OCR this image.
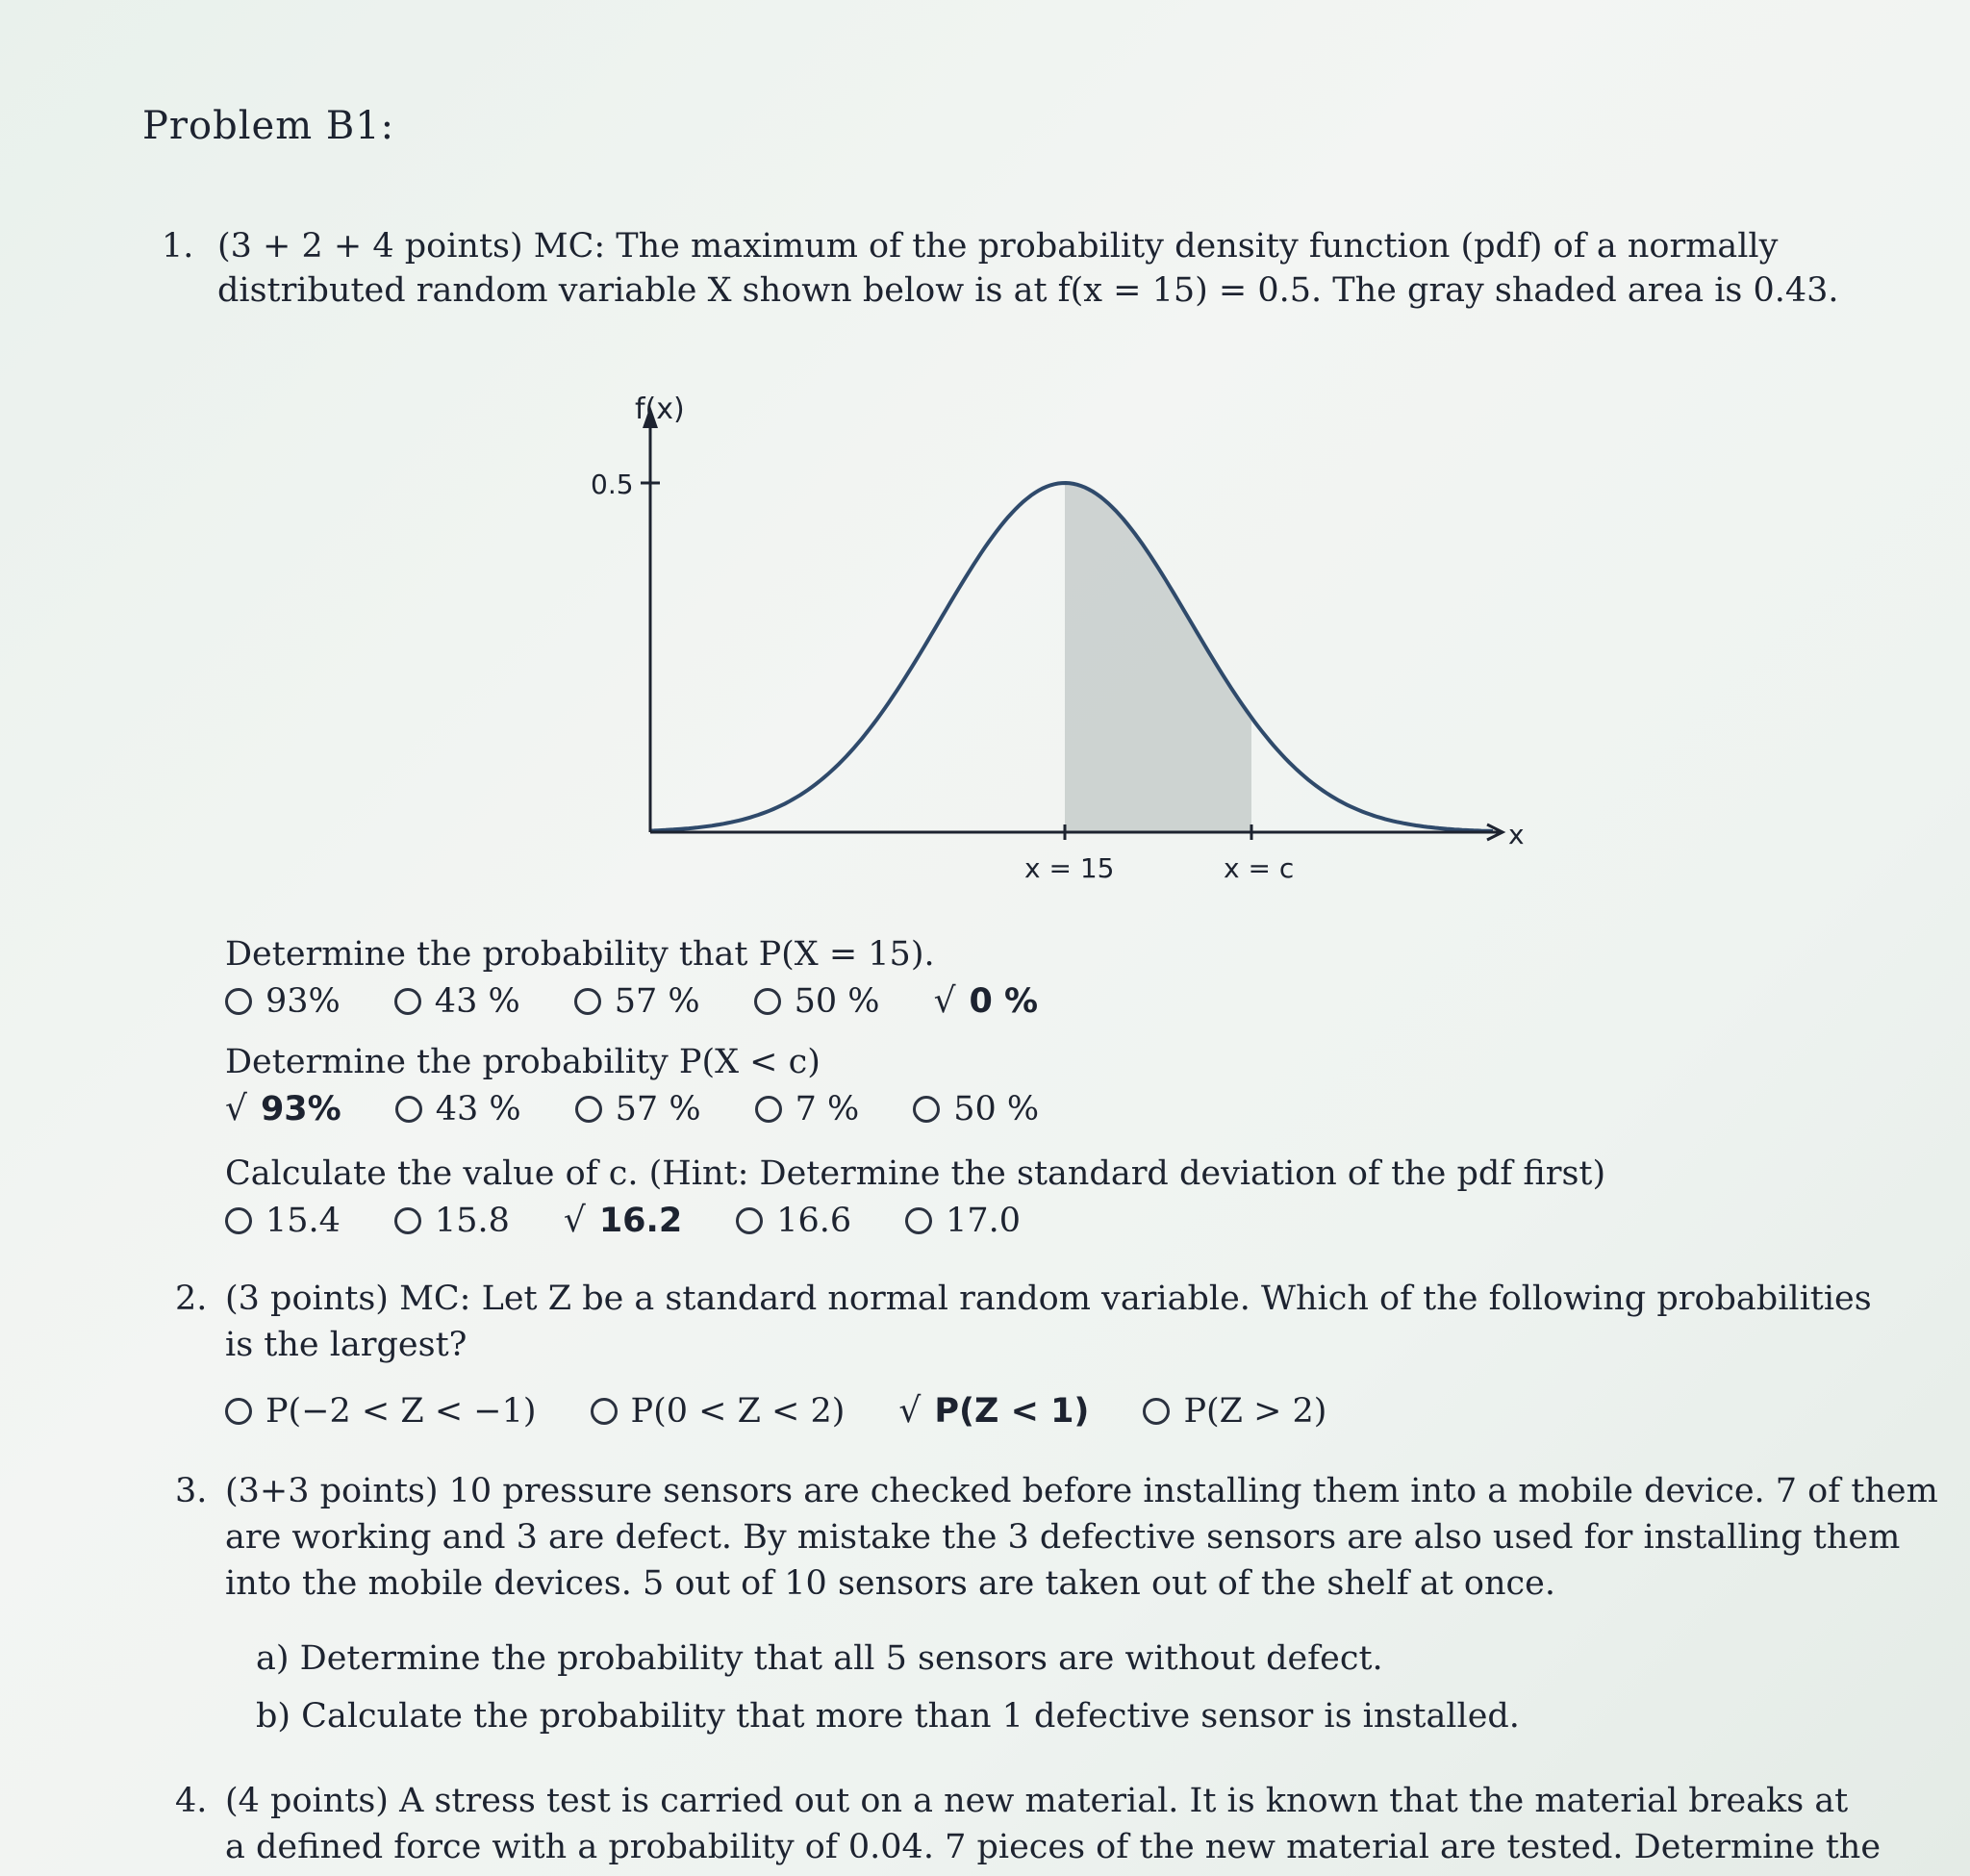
Problem B1:
1. (3 + 2 + 4 points) MC: The maximum of the probability density function (pdf) of a normally
distributed random variable X shown below is at f(x = 15) = 0.5. The gray shaded area is 0.43.
f(x)
0.5
x
x = 15	x = c
Determine the probability that P(X = 15).
93%	43 %	57 %	50 % √ 0 %
Determine the probability P(X < c)
√ 93%	43 %	57 %	7 %	50 %
Calculate the value of c. (Hint: Determine the standard deviation of the pdf first)
15.4	15.8 √ 16.2	16.6	17.0
2. (3 points) MC: Let Z be a standard normal random variable. Which of the following probabilities
is the largest?
P(−2 < Z < −1)	P(0 < Z < 2) √ P(Z < 1)	P(Z > 2)
3. (3+3 points) 10 pressure sensors are checked before installing them into a mobile device. 7 of them
are working and 3 are defect. By mistake the 3 defective sensors are also used for installing them
into the mobile devices. 5 out of 10 sensors are taken out of the shelf at once.
a) Determine the probability that all 5 sensors are without defect.
b) Calculate the probability that more than 1 defective sensor is installed.
4. (4 points) A stress test is carried out on a new material. It is known that the material breaks at
a defined force with a probability of 0.04. 7 pieces of the new material are tested. Determine the
